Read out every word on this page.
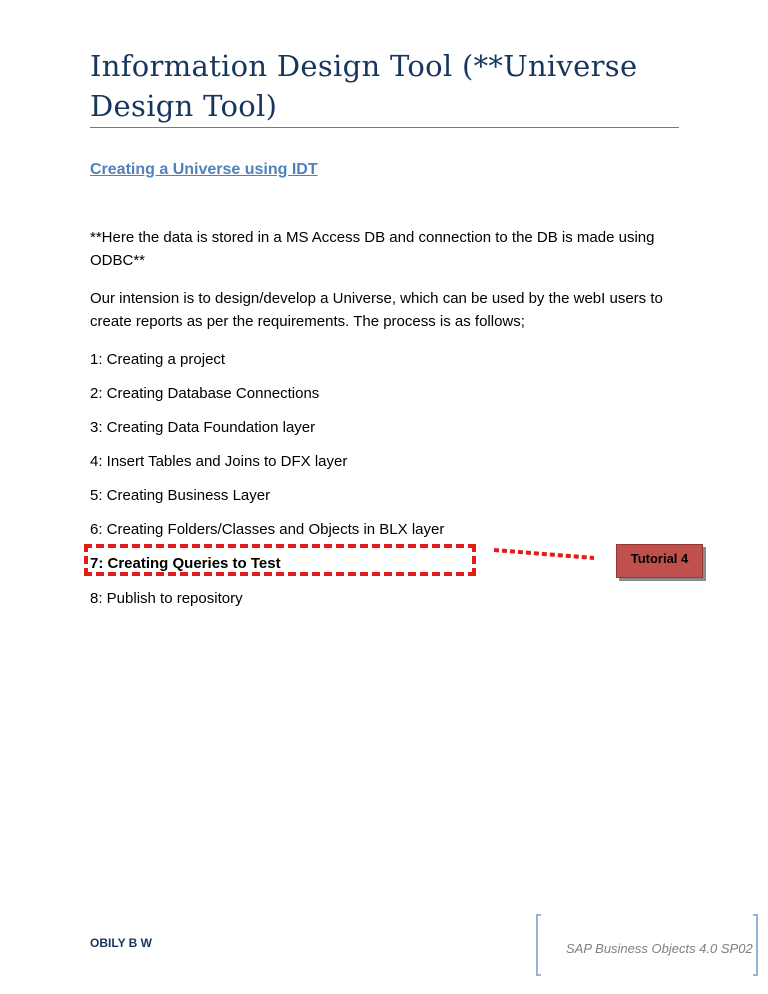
Information Design Tool (**Universe
Design Tool)
Creating a Universe using IDT
**Here the data is stored in a MS Access DB and connection to the DB is made using ODBC**
Our intension is to design/develop a Universe, which can be used by the webI users to create reports as per the requirements. The process is as follows;
1: Creating a project
2: Creating Database Connections
3: Creating Data Foundation layer
4: Insert Tables and Joins to DFX layer
5: Creating Business Layer
6: Creating Folders/Classes and Objects in BLX layer
7: Creating Queries to Test
8: Publish to repository
Tutorial 4
OBILY B W	SAP Business Objects 4.0 SP02
